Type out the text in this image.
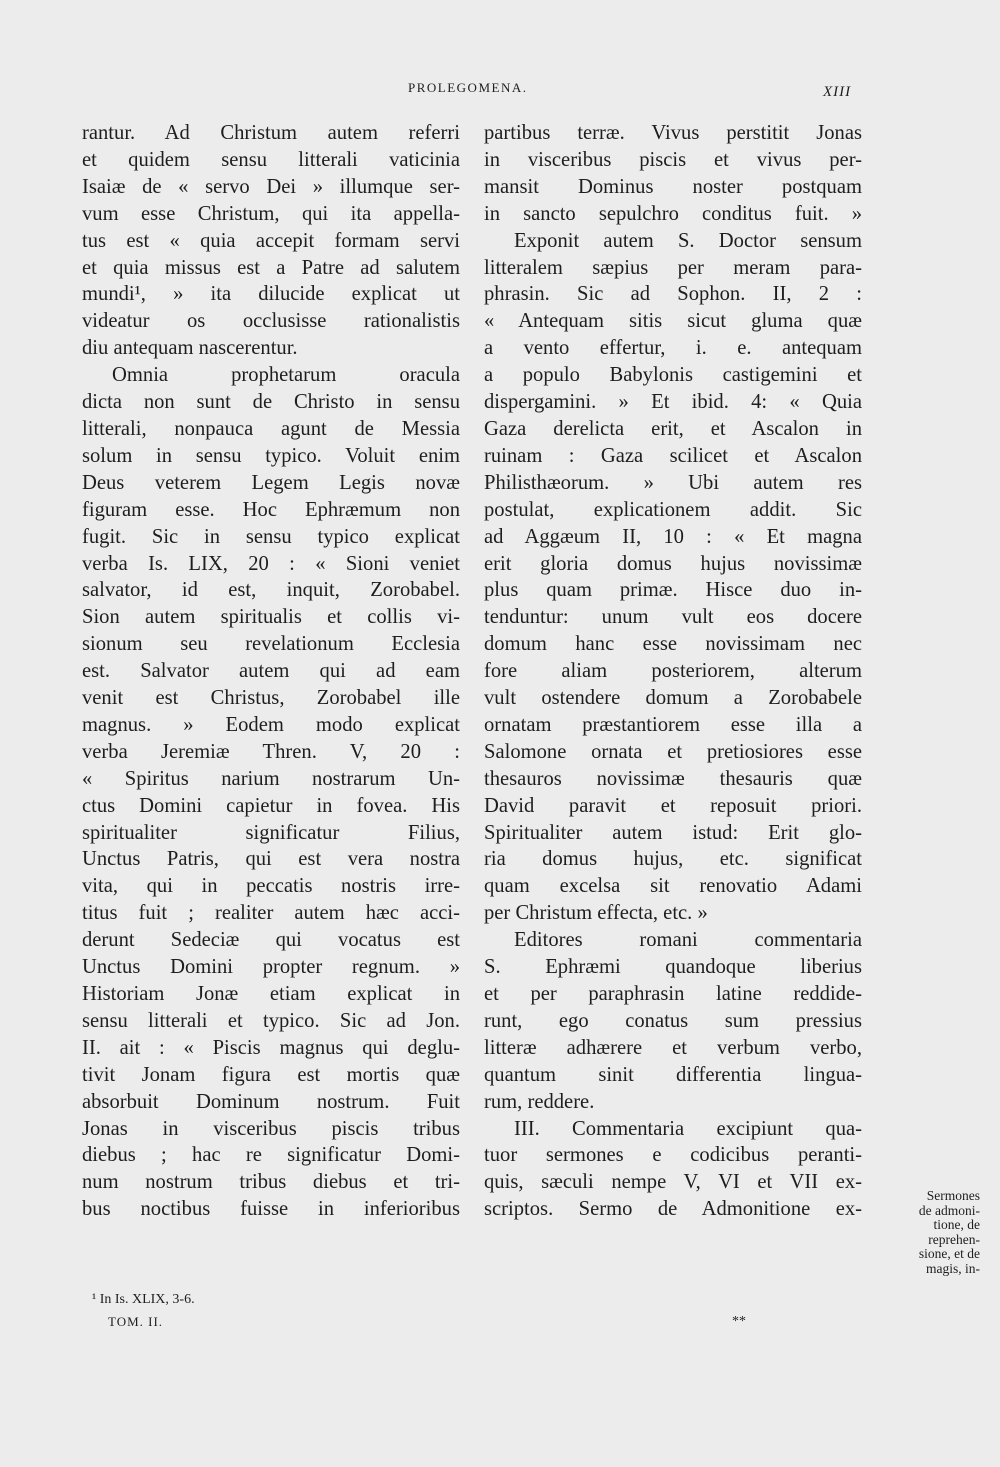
PROLEGOMENA.	XIII
rantur. Ad Christum autem referri
et quidem sensu litterali vaticinia
Isaiæ de « servo Dei » illumque ser-
vum esse Christum, qui ita appella-
tus est « quia accepit formam servi
et quia missus est a Patre ad salutem
mundi¹, » ita dilucide explicat ut
videatur os occlusisse rationalistis
diu antequam nascerentur.
Omnia prophetarum oracula
dicta non sunt de Christo in sensu
litterali, nonpauca agunt de Messia
solum in sensu typico. Voluit enim
Deus veterem Legem Legis novæ
figuram esse. Hoc Ephræmum non
fugit. Sic in sensu typico explicat
verba Is. LIX, 20 : « Sioni veniet
salvator, id est, inquit, Zorobabel.
Sion autem spiritualis et collis vi-
sionum seu revelationum Ecclesia
est. Salvator autem qui ad eam
venit est Christus, Zorobabel ille
magnus. » Eodem modo explicat
verba Jeremiæ Thren. V, 20 :
« Spiritus narium nostrarum Un-
ctus Domini capietur in fovea. His
spiritualiter significatur Filius,
Unctus Patris, qui est vera nostra
vita, qui in peccatis nostris irre-
titus fuit ; realiter autem hæc acci-
derunt Sedeciæ qui vocatus est
Unctus Domini propter regnum. »
Historiam Jonæ etiam explicat in
sensu litterali et typico. Sic ad Jon.
II. ait : « Piscis magnus qui deglu-
tivit Jonam figura est mortis quæ
absorbuit Dominum nostrum. Fuit
Jonas in visceribus piscis tribus
diebus ; hac re significatur Domi-
num nostrum tribus diebus et tri-
bus noctibus fuisse in inferioribus
partibus terræ. Vivus perstitit Jonas
in visceribus piscis et vivus per-
mansit Dominus noster postquam
in sancto sepulchro conditus fuit. »
Exponit autem S. Doctor sensum
litteralem sæpius per meram para-
phrasin. Sic ad Sophon. II, 2 :
« Antequam sitis sicut gluma quæ
a vento effertur, i. e. antequam
a populo Babylonis castigemini et
dispergamini. » Et ibid. 4: « Quia
Gaza derelicta erit, et Ascalon in
ruinam : Gaza scilicet et Ascalon
Philisthæorum. » Ubi autem res
postulat, explicationem addit. Sic
ad Aggæum II, 10 : « Et magna
erit gloria domus hujus novissimæ
plus quam primæ. Hisce duo in-
tenduntur: unum vult eos docere
domum hanc esse novissimam nec
fore aliam posteriorem, alterum
vult ostendere domum a Zorobabele
ornatam præstantiorem esse illa a
Salomone ornata et pretiosiores esse
thesauros novissimæ thesauris quæ
David paravit et reposuit priori.
Spiritualiter autem istud: Erit glo-
ria domus hujus, etc. significat
quam excelsa sit renovatio Adami
per Christum effecta, etc. »
Editores romani commentaria
S. Ephræmi quandoque liberius
et per paraphrasin latine reddide-
runt, ego conatus sum pressius
litteræ adhærere et verbum verbo,
quantum sinit differentia lingua-
rum, reddere.
III. Commentaria excipiunt qua-
tuor sermones e codicibus peranti-
quis, sæculi nempe V, VI et VII ex-
scriptos. Sermo de Admonitione ex-
Sermones
de admoni-
tione, de
reprehen-
sione, et de
magis, in-
¹ In Is. XLIX, 3-6.
TOM. II.	**
